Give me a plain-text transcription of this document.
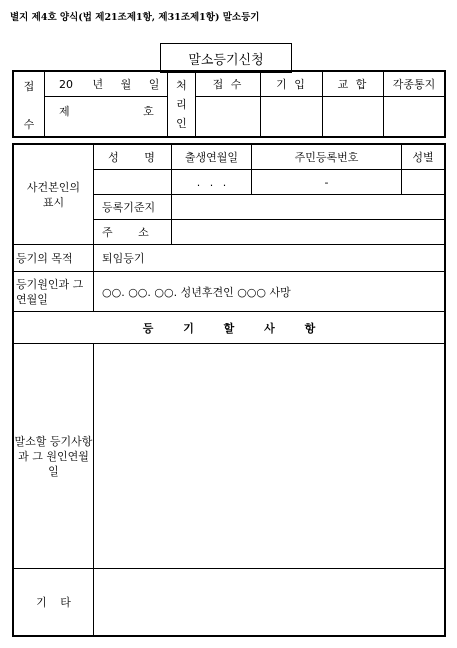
별지 제4호 양식(법 제21조제1항, 제31조제1항) 말소등기
말소등기신청
접
수	20 년 월 일	처리인	접 수	기 입	교 합	각종통지
	제 호					
사건본인의 표시	성 명	출생연월일	주민등록번호	성별
		. . .	-	
	등록기준지			
	주 소			
등기의 목적	퇴임등기			

등기원인과 그 연월일	○○. ○○. ○○. 성년후견인 ○○○ 사망			
등 기 할 사 항				

말소할 등기사항과 그 원인연월일				

기 타				
